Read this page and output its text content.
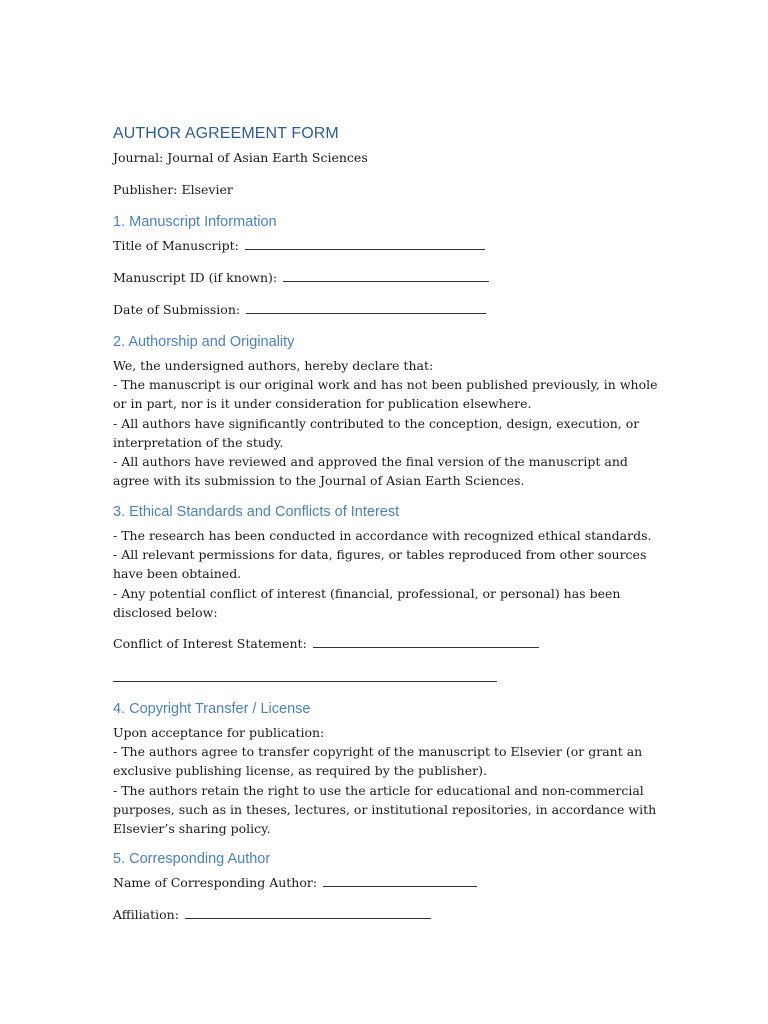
AUTHOR AGREEMENT FORM
Journal: Journal of Asian Earth Sciences
Publisher: Elsevier
1. Manuscript Information
Title of Manuscript:
Manuscript ID (if known):
Date of Submission:
2. Authorship and Originality

We, the undersigned authors, hereby declare that:

- The manuscript is our original work and has not been published previously, in whole or in part, nor is it under consideration for publication elsewhere.

- All authors have significantly contributed to the conception, design, execution, or interpretation of the study.

- All authors have reviewed and approved the final version of the manuscript and agree with its submission to the Journal of Asian Earth Sciences.

3. Ethical Standards and Conflicts of Interest

- The research has been conducted in accordance with recognized ethical standards.

- All relevant permissions for data, figures, or tables reproduced from other sources have been obtained.

- Any potential conflict of interest (financial, professional, or personal) has been disclosed below:

Conflict of Interest Statement:
4. Copyright Transfer / License

Upon acceptance for publication:

- The authors agree to transfer copyright of the manuscript to Elsevier (or grant an exclusive publishing license, as required by the publisher).

- The authors retain the right to use the article for educational and non-commercial purposes, such as in theses, lectures, or institutional repositories, in accordance with Elsevier’s sharing policy.

5. Corresponding Author
Name of Corresponding Author:
Affiliation:
